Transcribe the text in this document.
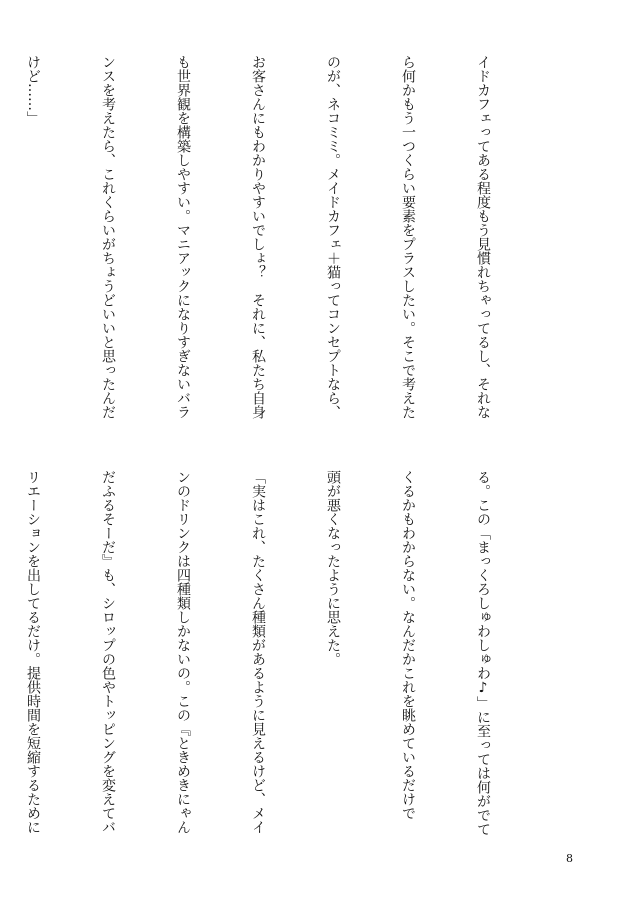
イドカフェってある程度もう見慣れちゃってるし、それな

ら何かもう一つくらい要素をプラスしたい。そこで考えた

のが、ネコミミ。メイドカフェ＋猫ってコンセプトなら、

お客さんにもわかりやすいでしょ？　それに、私たち自身

も世界観を構築しやすい。マニアックになりすぎないバラ

ンスを考えたら、これくらいがちょうどいいと思ったんだ

けど……」

る。この「まっくろしゅわしゅわ♪」に至っては何がでて

くるかもわからない。なんだかこれを眺めているだけで

頭が悪くなったように思えた。

「実はこれ、たくさん種類があるように見えるけど、メイ

ンのドリンクは四種類しかないの。この『ときめきにゃん

だふるそーだ』も、シロップの色やトッピングを変えてバ

リエーションを出してるだけ。提供時間を短縮するために

8
